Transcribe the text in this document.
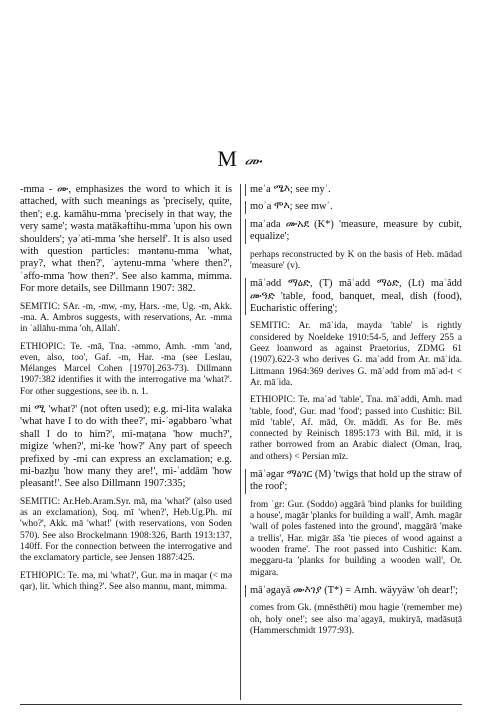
M ሙ

-mma - ሙ, emphasizes the word to which it is attached, with such meanings as 'precisely, quite, then'; e.g. kamāhu-mma 'precisely in that way, the very same'; wǝsta matākǝftihu-mma 'upon his own shoulders'; yǝʾǝti-mma 'she herself'. It is also used with question particles: mǝntǝnu-mma 'what, pray?, what then?', ʾaytenu-mma 'where then?', ʾǝffo-mma 'how then?'. See also kamma, mimma. For more details, see Dillmann 1907: 382.

SEMITIC: SAr. -m, -mw, -my, Ḥars. -me, Ug. -m, Akk. -ma. A. Ambros suggests, with reservations, Ar. -mma in ʾallāhu-mma 'oh, Allah'.

ETHIOPIC: Te. -mā, Tna. -ǝmmo, Amh. -mm 'and, even, also, too', Gaf. -m, Har. -ma (see Leslau, Mélanges Marcel Cohen [1970].263-73). Dillmann 1907:382 identifies it with the interrogative ma 'what?'. For other suggestions, see ib. n. 1.

mi ሚ 'what?' (not often used); e.g. mi-lita walaka 'what have I to do with thee?', mi-ʾǝgabbǝro 'what shall I do to him?', mi-maṭana 'how much?', migize 'when?', mi-ke 'how?' Any part of speech prefixed by -mi can express an exclamation; e.g. mi-bazḫu 'how many they are!', mi-ʾaddām 'how pleasant!'. See also Dillmann 1907:335;

SEMITIC: Ar.Heb.Aram.Syr. mā, ma 'what?' (also used as an exclamation), Soq. mī 'when?', Heb.Ug.Ph. mī 'who?', Akk. mā 'what!' (with reservations, von Soden 570). See also Brockelmann 1908:326, Barth 1913:137, 140ff. For the connection between the interrogative and the exclamatory particle, see Jensen 1887:425.

ETHIOPIC: Te. mǝ, mi 'what?', Gur. mǝ in maqar (< mǝ qar), lit. 'which thing?'. See also mannu, mant, mimma.

meʾa ሜእ; see myʾ.

moʾa ሞእ; see mwʾ.

maʾada ሙአደ (K*) 'measure, measure by cubit, equalize';

perhaps reconstructed by K on the basis of Heb. mādad 'measure' (v).

māʿǝdd ማዕድ, (T) māʿadd ማዕድ, (Lt) maʿādd ሙዓድ 'table, food, banquet, meal, dish (food), Eucharistic offering';

SEMITIC: Ar. māʾida, mayda 'table' is rightly considered by Noeldeke 1910:54-5, and Jeffery 255 a Geez loanword as against Praetorius, ZDMG 61 (1907).622-3 who derives G. maʿǝdd from Ar. māʾida. Littmann 1964:369 derives G. māʿǝdd from māʾǝd-t < Ar. māʾida.

ETHIOPIC: Te. maʿǝd 'table', Tna. māʿǝddi, Amh. mad 'table, food', Gur. mad 'food'; passed into Cushitic: Bil. mīd 'table', Af. mād, Or. māddī. As for Be. mēs connected by Reinisch 1895:173 with Bil. mīd, it is rather borrowed from an Arabic dialect (Oman, Iraq, and others) < Persian mīz.

māʿǝgar ማዕገር (M) 'twigs that hold up the straw of the roof';

from ʾgr: Gur. (Soddo) ǝggārä 'bind planks for building a house', magār 'planks for building a wall', Amh. magār 'wall of poles fastened into the ground', maggārā 'make a trellis', Har. migār āša 'tie pieces of wood against a wooden frame'. The root passed into Cushitic: Kam. meggaru-ta 'planks for building a wooden wall', Or. migara.

māʿǝgayā ሙእገያ (T*) = Amh. wäyyäw 'oh dear!';

comes from Gk. (mnēsthēti) mou hagie '(remember me) oh, holy one!'; see also maʿagayā, mukiryā, madāsuṭā (Hammerschmidt 1977:93).
